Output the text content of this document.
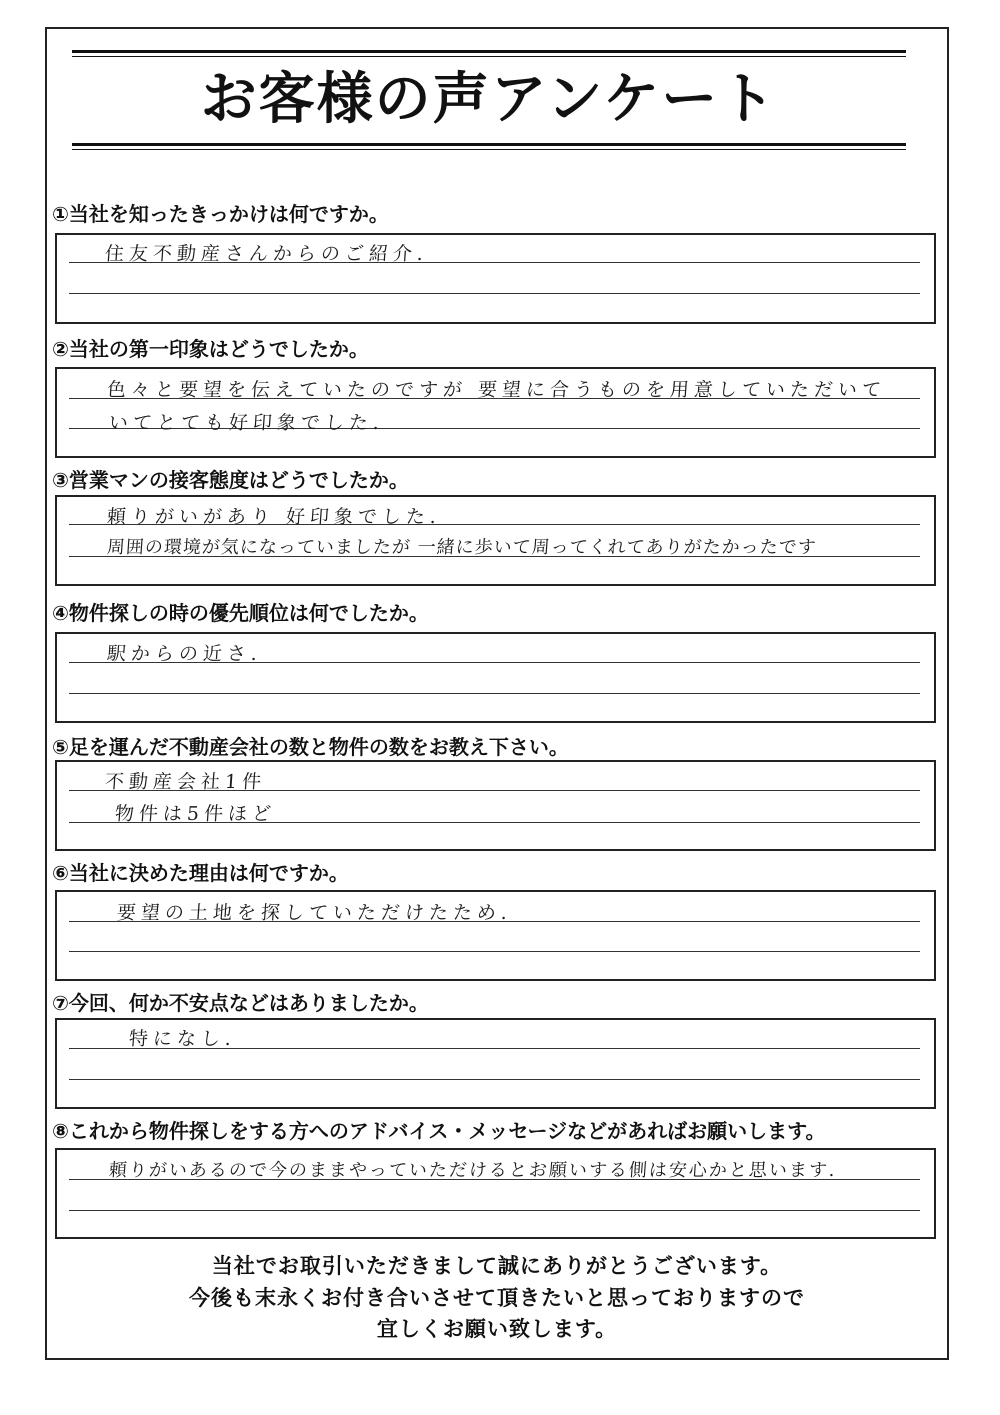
お客様の声アンケート
①当社を知ったきっかけは何ですか。
住友不動産さんからのご紹介.
②当社の第一印象はどうでしたか。
色々と要望を伝えていたのですが 要望に合うものを用意していただいて
いてとても好印象でした.
③営業マンの接客態度はどうでしたか。
頼りがいがあり 好印象でした.
周囲の環境が気になっていましたが 一緒に歩いて周ってくれてありがたかったです
④物件探しの時の優先順位は何でしたか。
駅からの近さ.
⑤足を運んだ不動産会社の数と物件の数をお教え下さい。
不動産会社1件
物件は5件ほど
⑥当社に決めた理由は何ですか。
要望の土地を探していただけたため.
⑦今回、何か不安点などはありましたか。
特になし.
⑧これから物件探しをする方へのアドバイス・メッセージなどがあればお願いします。
頼りがいあるので今のままやっていただけるとお願いする側は安心かと思います.
当社でお取引いただきまして誠にありがとうございます。
今後も末永くお付き合いさせて頂きたいと思っておりますので
宜しくお願い致します。
